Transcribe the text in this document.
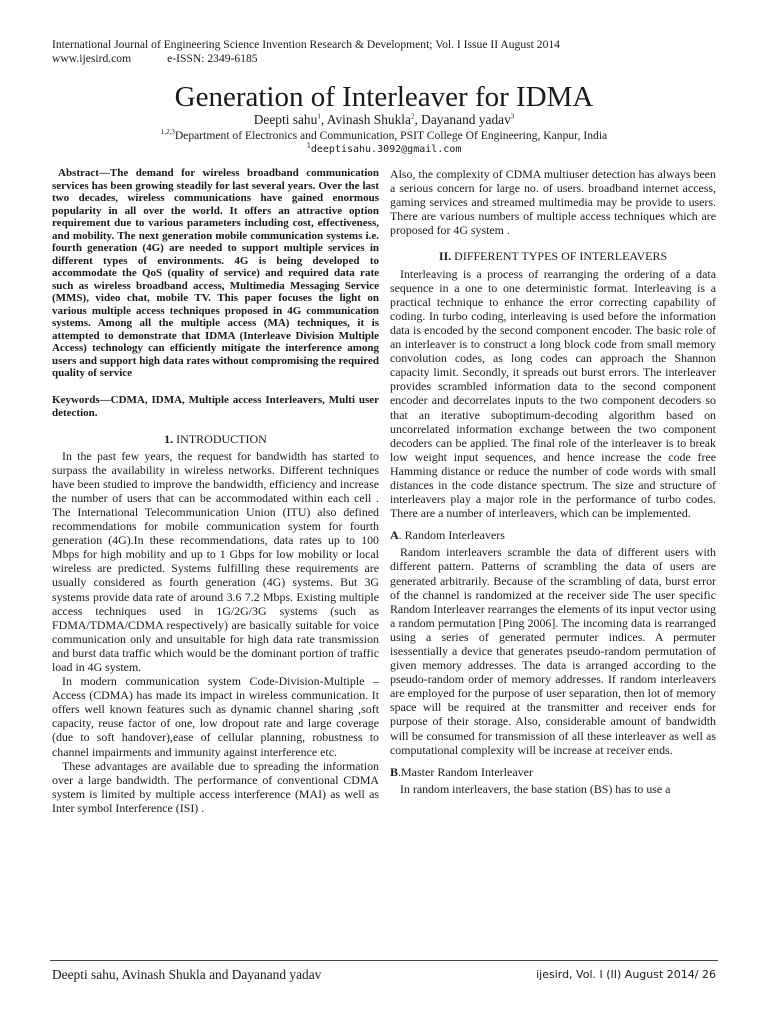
International Journal of Engineering Science Invention Research & Development; Vol. I Issue II August 2014
www.ijesird.com	e-ISSN: 2349-6185
Generation of Interleaver for IDMA
Deepti sahu$^1$, Avinash Shukla$^2$, Dayanand yadav$^3$
$^{1,2,3}$Department of Electronics and Communication, PSIT College Of Engineering, Kanpur, India
$^1$deeptisahu.3092@gmail.com

Abstract—The demand for wireless broadband communication services has been growing steadily for last several years. Over the last two decades, wireless communications have gained enormous popularity in all over the world. It offers an attractive option requirement due to various parameters including cost, effectiveness, and mobility. The next generation mobile communication systems i.e. fourth generation (4G) are needed to support multiple services in different types of environments. 4G is being developed to accommodate the QoS (quality of service) and required data rate such as wireless broadband access, Multimedia Messaging Service (MMS), video chat, mobile TV. This paper focuses the light on various multiple access techniques proposed in 4G communication systems. Among all the multiple access (MA) techniques, it is attempted to demonstrate that IDMA (Interleave Division Multiple Access) technology can efficiently mitigate the interference among users and support high data rates without compromising the required quality of service

Keywords—CDMA, IDMA, Multiple access Interleavers, Multi user detection.

1. INTRODUCTION

In the past few years, the request for bandwidth has started to surpass the availability in wireless networks. Different techniques have been studied to improve the bandwidth, efficiency and increase the number of users that can be accommodated within each cell . The International Telecommunication Union (ITU) also defined recommendations for mobile communication system for fourth generation (4G).In these recommendations, data rates up to 100 Mbps for high mobility and up to 1 Gbps for low mobility or local wireless are predicted. Systems fulfilling these requirements are usually considered as fourth generation (4G) systems. But 3G systems provide data rate of around 3.6 7.2 Mbps. Existing multiple access techniques used in 1G/2G/3G systems (such as FDMA/TDMA/CDMA respectively) are basically suitable for voice communication only and unsuitable for high data rate transmission and burst data traffic which would be the dominant portion of traffic load in 4G system.

In modern communication system Code-Division-Multiple – Access (CDMA) has made its impact in wireless communication. It offers well known features such as dynamic channel sharing ,soft capacity, reuse factor of one, low dropout rate and large coverage (due to soft handover),ease of cellular planning, robustness to channel impairments and immunity against interference etc.

These advantages are available due to spreading the information over a large bandwidth. The performance of conventional CDMA system is limited by multiple access interference (MAI) as well as Inter symbol Interference (ISI) .

Also, the complexity of CDMA multiuser detection has always been a serious concern for large no. of users. broadband internet access, gaming services and streamed multimedia may be provide to users. There are various numbers of multiple access techniques which are proposed for 4G system .

II. DIFFERENT TYPES OF INTERLEAVERS

Interleaving is a process of rearranging the ordering of a data sequence in a one to one deterministic format. Interleaving is a practical technique to enhance the error correcting capability of coding. In turbo coding, interleaving is used before the information data is encoded by the second component encoder. The basic role of an interleaver is to construct a long block code from small memory convolution codes, as long codes can approach the Shannon capacity limit. Secondly, it spreads out burst errors. The interleaver provides scrambled information data to the second component encoder and decorrelates inputs to the two component decoders so that an iterative suboptimum-decoding algorithm based on uncorrelated information exchange between the two component decoders can be applied. The final role of the interleaver is to break low weight input sequences, and hence increase the code free Hamming distance or reduce the number of code words with small distances in the code distance spectrum. The size and structure of interleavers play a major role in the performance of turbo codes. There are a number of interleavers, which can be implemented.

A. Random Interleavers

Random interleavers scramble the data of different users with different pattern. Patterns of scrambling the data of users are generated arbitrarily. Because of the scrambling of data, burst error of the channel is randomized at the receiver side The user specific Random Interleaver rearranges the elements of its input vector using a random permutation [Ping 2006]. The incoming data is rearranged using a series of generated permuter indices. A permuter isessentially a device that generates pseudo-random permutation of given memory addresses. The data is arranged according to the pseudo-random order of memory addresses. If random interleavers are employed for the purpose of user separation, then lot of memory space will be required at the transmitter and receiver ends for purpose of their storage. Also, considerable amount of bandwidth will be consumed for transmission of all these interleaver as well as computational complexity will be increase at receiver ends.

B.Master Random Interleaver

In random interleavers, the base station (BS) has to use a

Deepti sahu, Avinash Shukla and Dayanand yadav	ijesird, Vol. I (II) August 2014/ 26
